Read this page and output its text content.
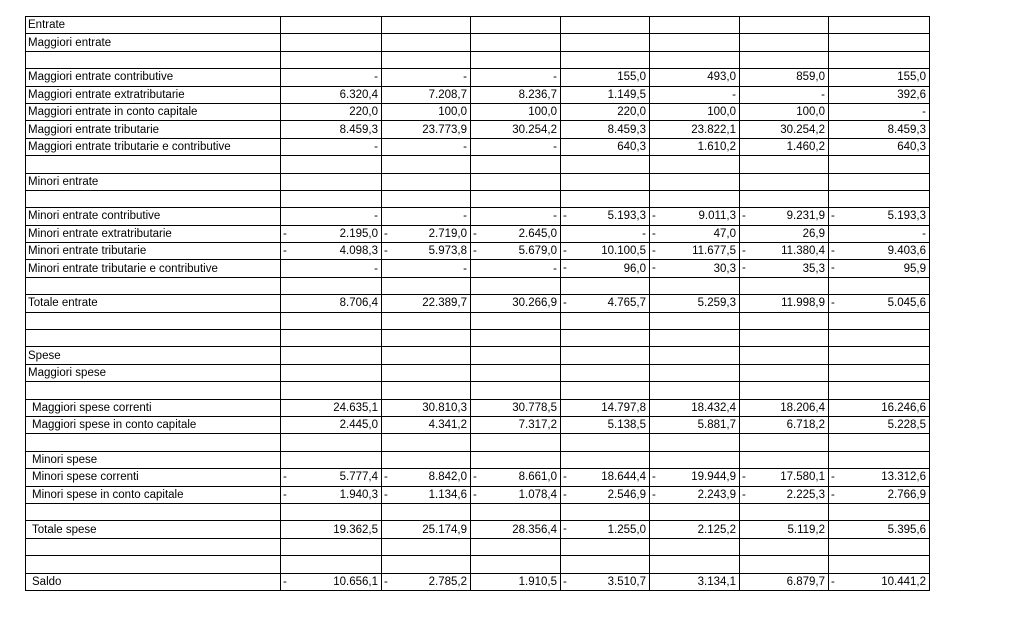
Entrate							
Maggiori entrate							

Maggiori entrate contributive	-	-	-	155,0	493,0	859,0	155,0
Maggiori entrate extratributarie	6.320,4	7.208,7	8.236,7	1.149,5	-	-	392,6
Maggiori entrate in conto capitale	220,0	100,0	100,0	220,0	100,0	100,0	-
Maggiori entrate tributarie	8.459,3	23.773,9	30.254,2	8.459,3	23.822,1	30.254,2	8.459,3
Maggiori entrate tributarie e contributive	-	-	-	640,3	1.610,2	1.460,2	640,3

Minori entrate							

Minori entrate contributive	-	-	-	- 5.193,3	- 9.011,3	- 9.231,9	- 5.193,3
Minori entrate extratributarie	- 2.195,0	- 2.719,0	- 2.645,0	-	- 47,0	26,9	-
Minori entrate tributarie	- 4.098,3	- 5.973,8	- 5.679,0	- 10.100,5	- 11.677,5	- 11.380,4	- 9.403,6
Minori entrate tributarie e contributive	-	-	-	- 96,0	- 30,3	- 35,3	- 95,9

Totale entrate	8.706,4	22.389,7	30.266,9	- 4.765,7	5.259,3	11.998,9	- 5.045,6

Spese							
Maggiori spese							

Maggiori spese correnti	24.635,1	30.810,3	30.778,5	14.797,8	18.432,4	18.206,4	16.246,6
Maggiori spese in conto capitale	2.445,0	4.341,2	7.317,2	5.138,5	5.881,7	6.718,2	5.228,5

Minori spese							
Minori spese correnti	- 5.777,4	- 8.842,0	- 8.661,0	- 18.644,4	- 19.944,9	- 17.580,1	- 13.312,6
Minori spese in conto capitale	- 1.940,3	- 1.134,6	- 1.078,4	- 2.546,9	- 2.243,9	- 2.225,3	- 2.766,9

Totale spese	19.362,5	25.174,9	28.356,4	- 1.255,0	2.125,2	5.119,2	5.395,6

Saldo	- 10.656,1	- 2.785,2	1.910,5	- 3.510,7	3.134,1	6.879,7	- 10.441,2
